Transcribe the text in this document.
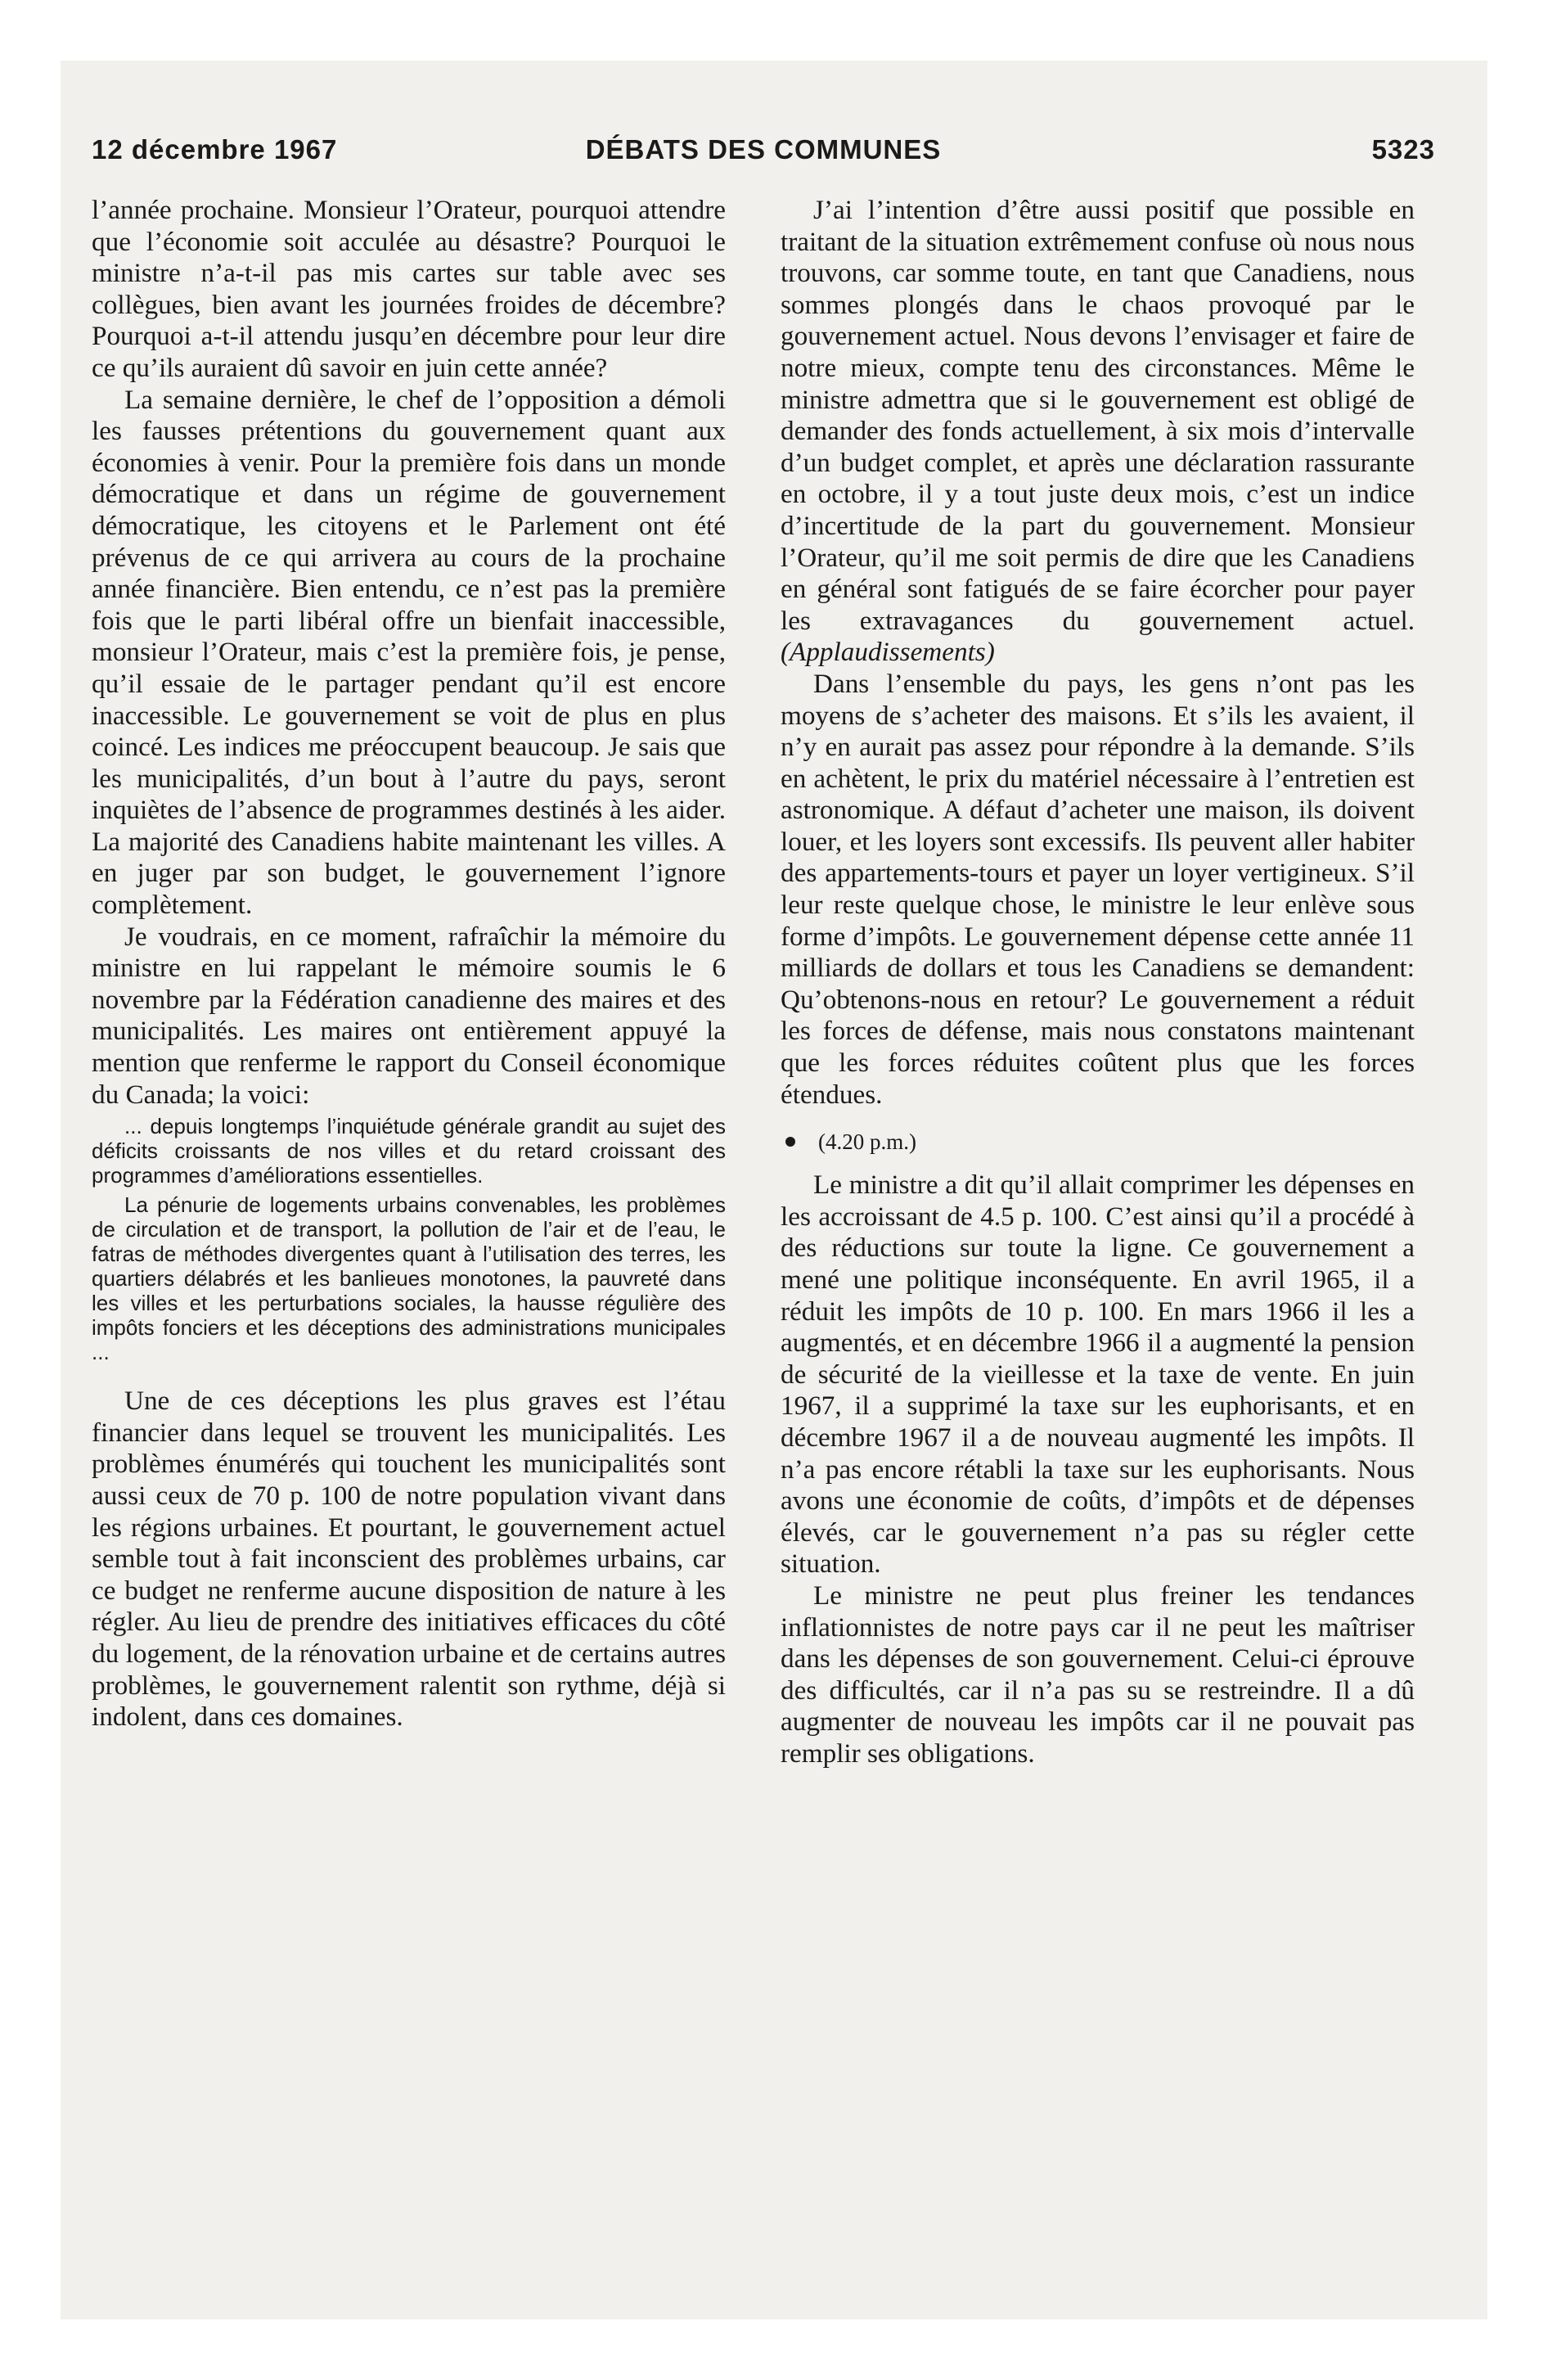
12 décembre 1967	DÉBATS DES COMMUNES	5323

l’année prochaine. Monsieur l’Orateur, pourquoi attendre que l’économie soit acculée au désastre? Pourquoi le ministre n’a-t-il pas mis cartes sur table avec ses collègues, bien avant les journées froides de décembre? Pourquoi a-t-il attendu jusqu’en décembre pour leur dire ce qu’ils auraient dû savoir en juin cette année?

La semaine dernière, le chef de l’opposition a démoli les fausses prétentions du gouvernement quant aux économies à venir. Pour la première fois dans un monde démocratique et dans un régime de gouvernement démocratique, les citoyens et le Parlement ont été prévenus de ce qui arrivera au cours de la prochaine année financière. Bien entendu, ce n’est pas la première fois que le parti libéral offre un bienfait inaccessible, monsieur l’Orateur, mais c’est la première fois, je pense, qu’il essaie de le partager pendant qu’il est encore inaccessible. Le gouvernement se voit de plus en plus coincé. Les indices me préoccupent beaucoup. Je sais que les municipalités, d’un bout à l’autre du pays, seront inquiètes de l’absence de programmes destinés à les aider. La majorité des Canadiens habite maintenant les villes. A en juger par son budget, le gouvernement l’ignore complètement.

Je voudrais, en ce moment, rafraîchir la mémoire du ministre en lui rappelant le mémoire soumis le 6 novembre par la Fédération canadienne des maires et des municipalités. Les maires ont entièrement appuyé la mention que renferme le rapport du Conseil économique du Canada; la voici:

... depuis longtemps l’inquiétude générale grandit au sujet des déficits croissants de nos villes et du retard croissant des programmes d’améliorations essentielles.

La pénurie de logements urbains convenables, les problèmes de circulation et de transport, la pollution de l’air et de l’eau, le fatras de méthodes divergentes quant à l’utilisation des terres, les quartiers délabrés et les banlieues monotones, la pauvreté dans les villes et les perturbations sociales, la hausse régulière des impôts fonciers et les déceptions des administrations municipales ...

Une de ces déceptions les plus graves est l’étau financier dans lequel se trouvent les municipalités. Les problèmes énumérés qui touchent les municipalités sont aussi ceux de 70 p. 100 de notre population vivant dans les régions urbaines. Et pourtant, le gouvernement actuel semble tout à fait inconscient des problèmes urbains, car ce budget ne renferme aucune disposition de nature à les régler. Au lieu de prendre des initiatives efficaces du côté du logement, de la rénovation urbaine et de certains autres problèmes, le gouvernement ralentit son rythme, déjà si indolent, dans ces domaines.

J’ai l’intention d’être aussi positif que possible en traitant de la situation extrêmement confuse où nous nous trouvons, car somme toute, en tant que Canadiens, nous sommes plongés dans le chaos provoqué par le gouvernement actuel. Nous devons l’envisager et faire de notre mieux, compte tenu des circonstances. Même le ministre admettra que si le gouvernement est obligé de demander des fonds actuellement, à six mois d’intervalle d’un budget complet, et après une déclaration rassurante en octobre, il y a tout juste deux mois, c’est un indice d’incertitude de la part du gouvernement. Monsieur l’Orateur, qu’il me soit permis de dire que les Canadiens en général sont fatigués de se faire écorcher pour payer les extravagances du gouvernement actuel. (Applaudissements)

Dans l’ensemble du pays, les gens n’ont pas les moyens de s’acheter des maisons. Et s’ils les avaient, il n’y en aurait pas assez pour répondre à la demande. S’ils en achètent, le prix du matériel nécessaire à l’entretien est astronomique. A défaut d’acheter une maison, ils doivent louer, et les loyers sont excessifs. Ils peuvent aller habiter des appartements-tours et payer un loyer vertigineux. S’il leur reste quelque chose, le ministre le leur enlève sous forme d’impôts. Le gouvernement dépense cette année 11 milliards de dollars et tous les Canadiens se demandent: Qu’obtenons-nous en retour? Le gouvernement a réduit les forces de défense, mais nous constatons maintenant que les forces réduites coûtent plus que les forces étendues.

(4.20 p.m.)

Le ministre a dit qu’il allait comprimer les dépenses en les accroissant de 4.5 p. 100. C’est ainsi qu’il a procédé à des réductions sur toute la ligne. Ce gouvernement a mené une politique inconséquente. En avril 1965, il a réduit les impôts de 10 p. 100. En mars 1966 il les a augmentés, et en décembre 1966 il a augmenté la pension de sécurité de la vieillesse et la taxe de vente. En juin 1967, il a supprimé la taxe sur les euphorisants, et en décembre 1967 il a de nouveau augmenté les impôts. Il n’a pas encore rétabli la taxe sur les euphorisants. Nous avons une économie de coûts, d’impôts et de dépenses élevés, car le gouvernement n’a pas su régler cette situation.

Le ministre ne peut plus freiner les tendances inflationnistes de notre pays car il ne peut les maîtriser dans les dépenses de son gouvernement. Celui-ci éprouve des difficultés, car il n’a pas su se restreindre. Il a dû augmenter de nouveau les impôts car il ne pouvait pas remplir ses obligations.
